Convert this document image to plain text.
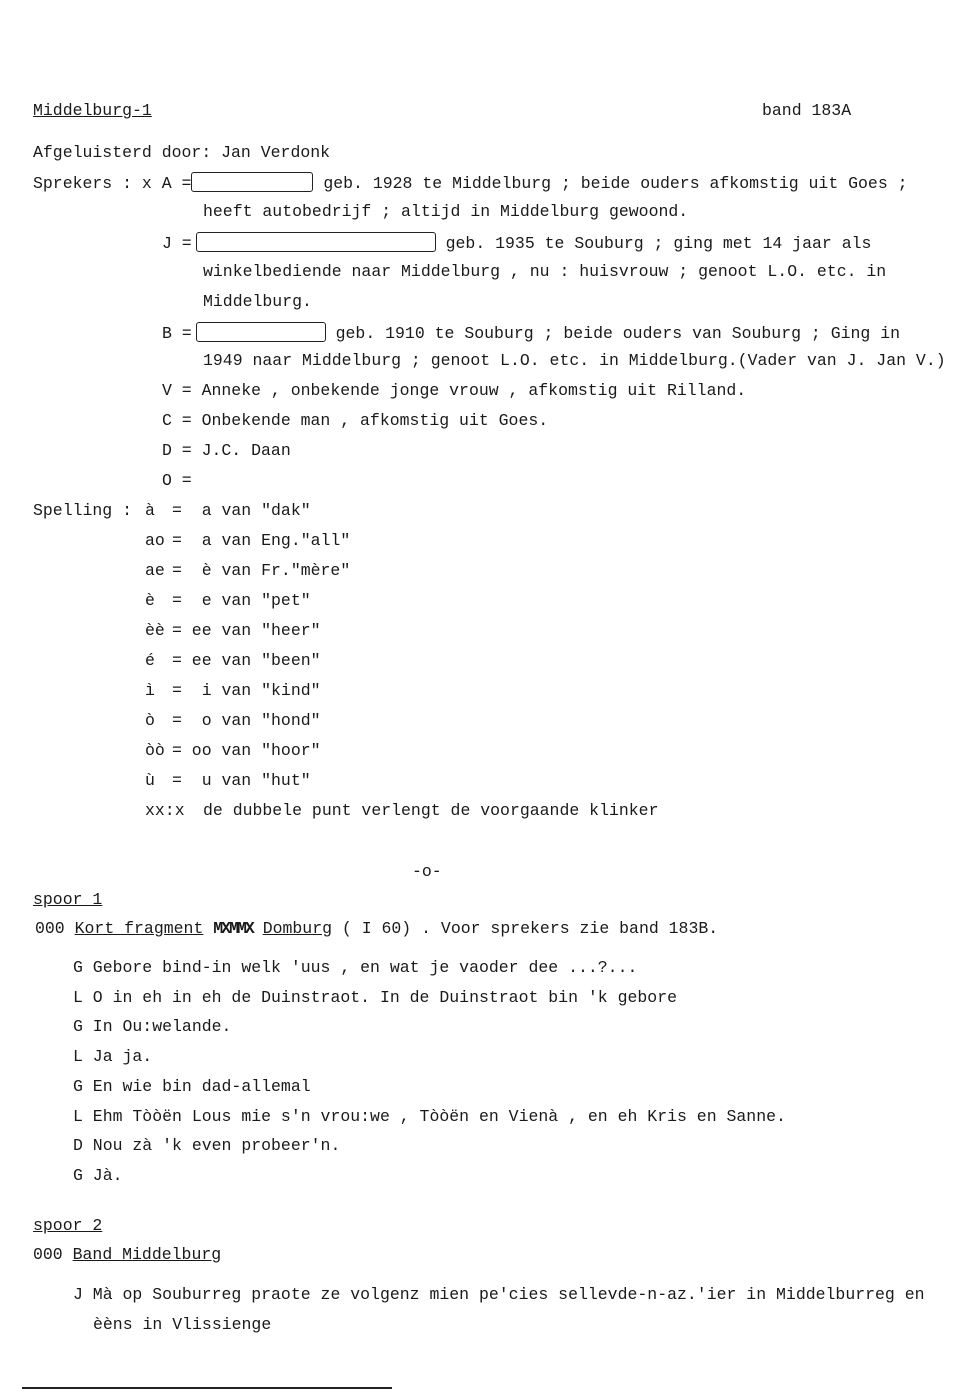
Middelburg-1	band 183A
Afgeluisterd door: Jan Verdonk
Sprekers : x A =	geb. 1928 te Middelburg ; beide ouders afkomstig uit Goes ;
heeft autobedrijf ; altijd in Middelburg gewoond.
J =	geb. 1935 te Souburg ; ging met 14 jaar als
winkelbediende naar Middelburg , nu : huisvrouw ; genoot L.O. etc. in
Middelburg.
B =	geb. 1910 te Souburg ; beide ouders van Souburg ; Ging in
1949 naar Middelburg ; genoot L.O. etc. in Middelburg.(Vader van J. Jan V.)
V = Anneke , onbekende jonge vrouw , afkomstig uit Rilland.
C = Onbekende man , afkomstig uit Goes.
D = J.C. Daan
O =
Spelling : à =  a van "dak"
ao =  a van Eng."all"
ae =  è van Fr."mère"
è =  e van "pet"
èè = ee van "heer"
é = ee van "been"
ì =  i van "kind"
ò =  o van "hond"
òò = oo van "hoor"
ù =  u van "hut"
xx:x de dubbele punt verlengt de voorgaande klinker
-o-
spoor 1
000 Kort fragment MXMMX Domburg ( I 60) . Voor sprekers zie band 183B.
G Gebore bind-in welk 'uus , en wat je vaoder dee ...?...
L O in eh in eh de Duinstraot. In de Duinstraot bin 'k gebore
G In Ou:welande.
L Ja ja.
G En wie bin dad-allemal
L Ehm Tòòën Lous mie s'n vrou:we , Tòòën en Vienà , en eh Kris en Sanne.
D Nou zà 'k even probeer'n.
G Jà.
spoor 2
000 Band Middelburg
J Mà op Souburreg praote ze volgenz mien pe'cies sellevde-n-az.'ier in Middelburreg en
èèns in Vlissienge
